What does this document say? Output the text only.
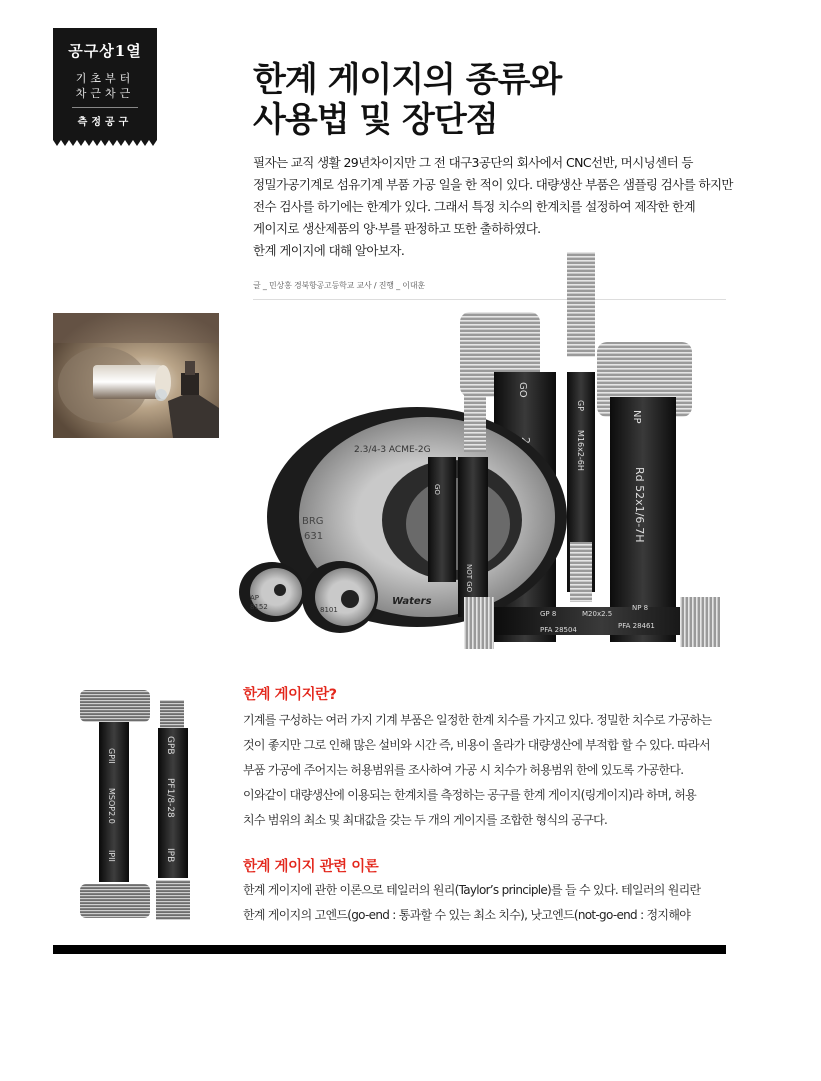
공구상1열
기초부터
차근차근
측정공구
한계 게이지의 종류와
사용법 및 장단점

필자는 교직 생활 29년차이지만 그 전 대구3공단의 회사에서 CNC선반, 머시닝센터 등
정밀가공기계로 섬유기계 부품 가공 일을 한 적이 있다. 대량생산 부품은 샘플링 검사를 하지만
전수 검사를 하기에는 한계가 있다. 그래서 특정 치수의 한계치를 설정하여 제작한 한계
게이지로 생산제품의 양·부를 판정하고 또한 출하하였다.
한계 게이지에 대해 알아보자.

글 _ 민상홍 경북항공고등학교 교사 / 진행 _ 이대훈
GO
NP
Rd 52x1/6-7H
GP
M16x2-6H
2.3/4-3 ACME-2G
BRG
631
GO
NOT GO
AP
8152	8101
Waters
GP 8	M20x2.5
NP 8
PFA 28504	PFA 28461
GPB
PF1/8-28
IPB
GPII
MSOP2.0
IPII
한계 게이지란?

기계를 구성하는 여러 가지 기계 부품은 일정한 한계 치수를 가지고 있다. 정밀한 치수로 가공하는
것이 좋지만 그로 인해 많은 설비와 시간 즉, 비용이 올라가 대량생산에 부적합 할 수 있다. 따라서
부품 가공에 주어지는 허용범위를 조사하여 가공 시 치수가 허용범위 한에 있도록 가공한다.
이와같이 대량생산에 이용되는 한계치를 측정하는 공구를 한계 게이지(링게이지)라 하며, 허용
치수 범위의 최소 및 최대값을 갖는 두 개의 게이지를 조합한 형식의 공구다.

한계 게이지 관련 이론

한계 게이지에 관한 이론으로 테일러의 원리(Taylor’s principle)를 들 수 있다. 테일러의 원리란
한계 게이지의 고엔드(go-end : 통과할 수 있는 최소 치수), 낫고엔드(not-go-end : 정지해야
